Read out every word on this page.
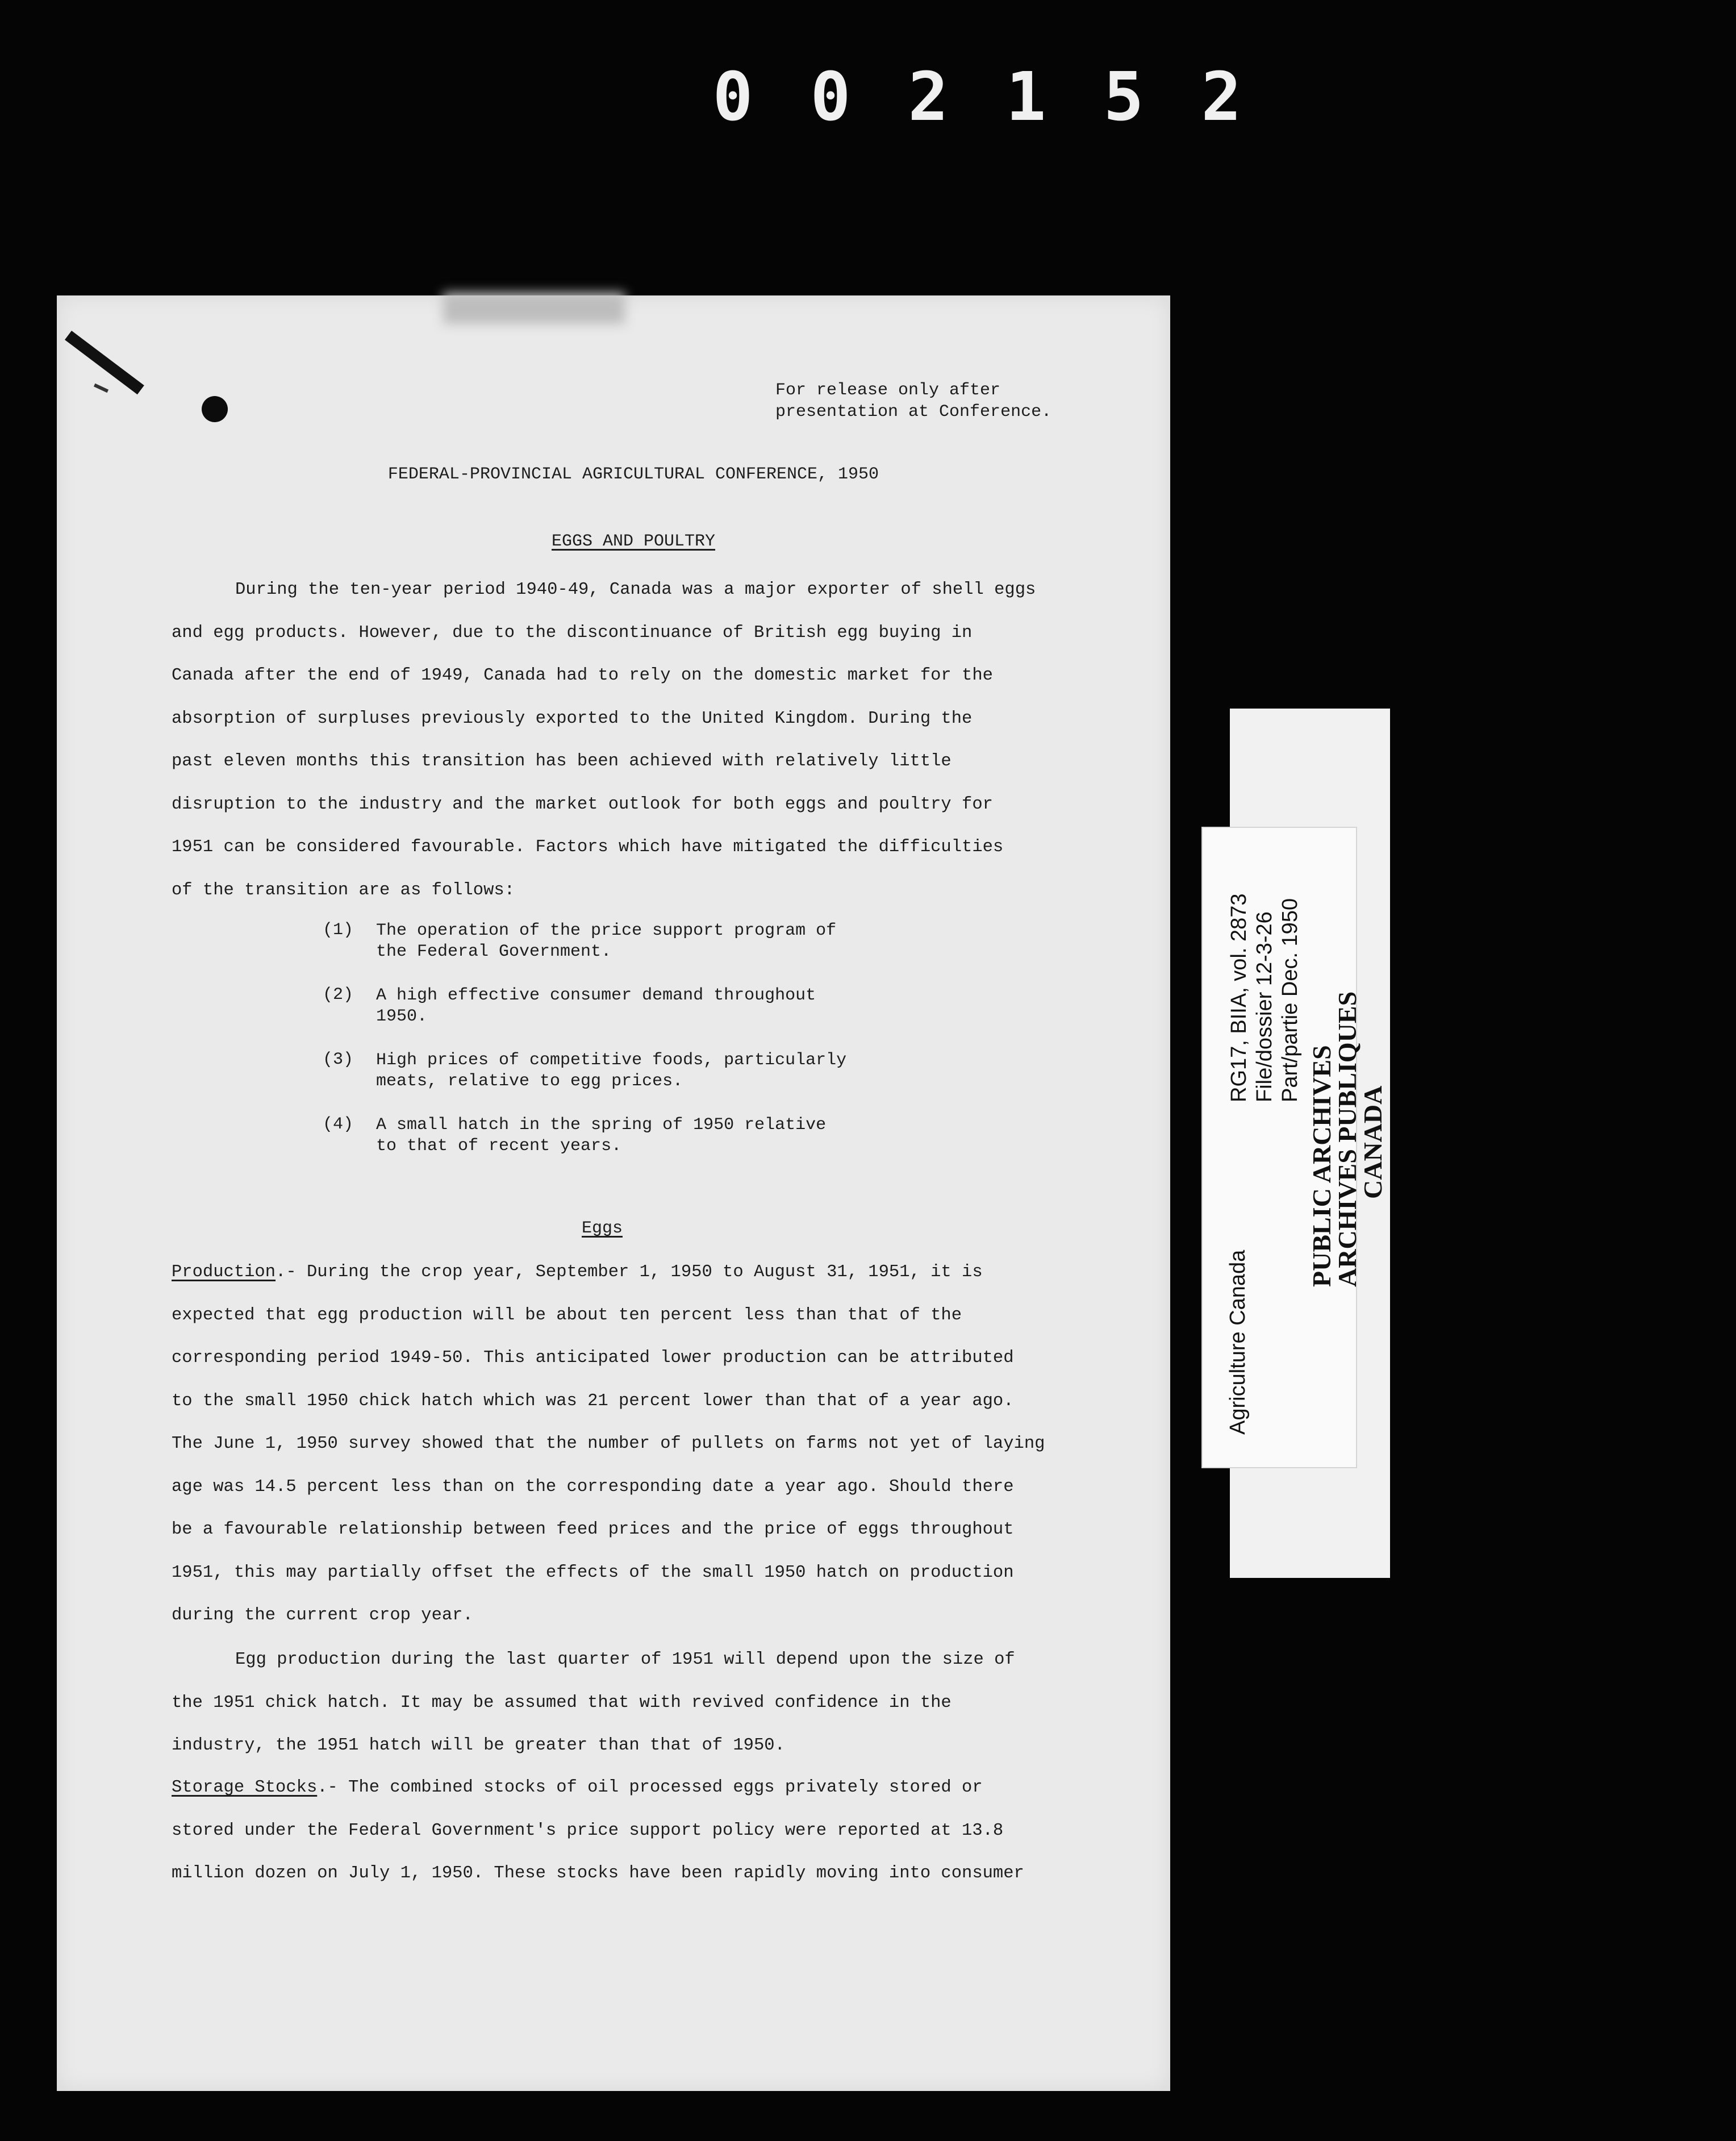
0 0 2 1 5 2
For release only after
presentation at Conference.
FEDERAL-PROVINCIAL AGRICULTURAL CONFERENCE, 1950
EGGS AND POULTRY
During the ten-year period 1940-49, Canada was a major exporter of shell eggs
and egg products. However, due to the discontinuance of British egg buying in
Canada after the end of 1949, Canada had to rely on the domestic market for the
absorption of surpluses previously exported to the United Kingdom. During the
past eleven months this transition has been achieved with relatively little
disruption to the industry and the market outlook for both eggs and poultry for
1951 can be considered favourable. Factors which have mitigated the difficulties
of the transition are as follows:
(1) The operation of the price support program of
the Federal Government.
(2) A high effective consumer demand throughout
1950.
(3) High prices of competitive foods, particularly
meats, relative to egg prices.
(4) A small hatch in the spring of 1950 relative
to that of recent years.
Eggs
Production.- During the crop year, September 1, 1950 to August 31, 1951, it is
expected that egg production will be about ten percent less than that of the
corresponding period 1949-50. This anticipated lower production can be attributed
to the small 1950 chick hatch which was 21 percent lower than that of a year ago.
The June 1, 1950 survey showed that the number of pullets on farms not yet of laying
age was 14.5 percent less than on the corresponding date a year ago. Should there
be a favourable relationship between feed prices and the price of eggs throughout
1951, this may partially offset the effects of the small 1950 hatch on production
during the current crop year.
Egg production during the last quarter of 1951 will depend upon the size of
the 1951 chick hatch. It may be assumed that with revived confidence in the
industry, the 1951 hatch will be greater than that of 1950.
Storage Stocks.- The combined stocks of oil processed eggs privately stored or
stored under the Federal Government's price support policy were reported at 13.8
million dozen on July 1, 1950. These stocks have been rapidly moving into consumer
RG17, BIIA, vol. 2873 File/dossier 12-3-26 Part/partie Dec. 1950
Agriculture Canada
PUBLIC ARCHIVES
ARCHIVES PUBLIQUES
CANADA
